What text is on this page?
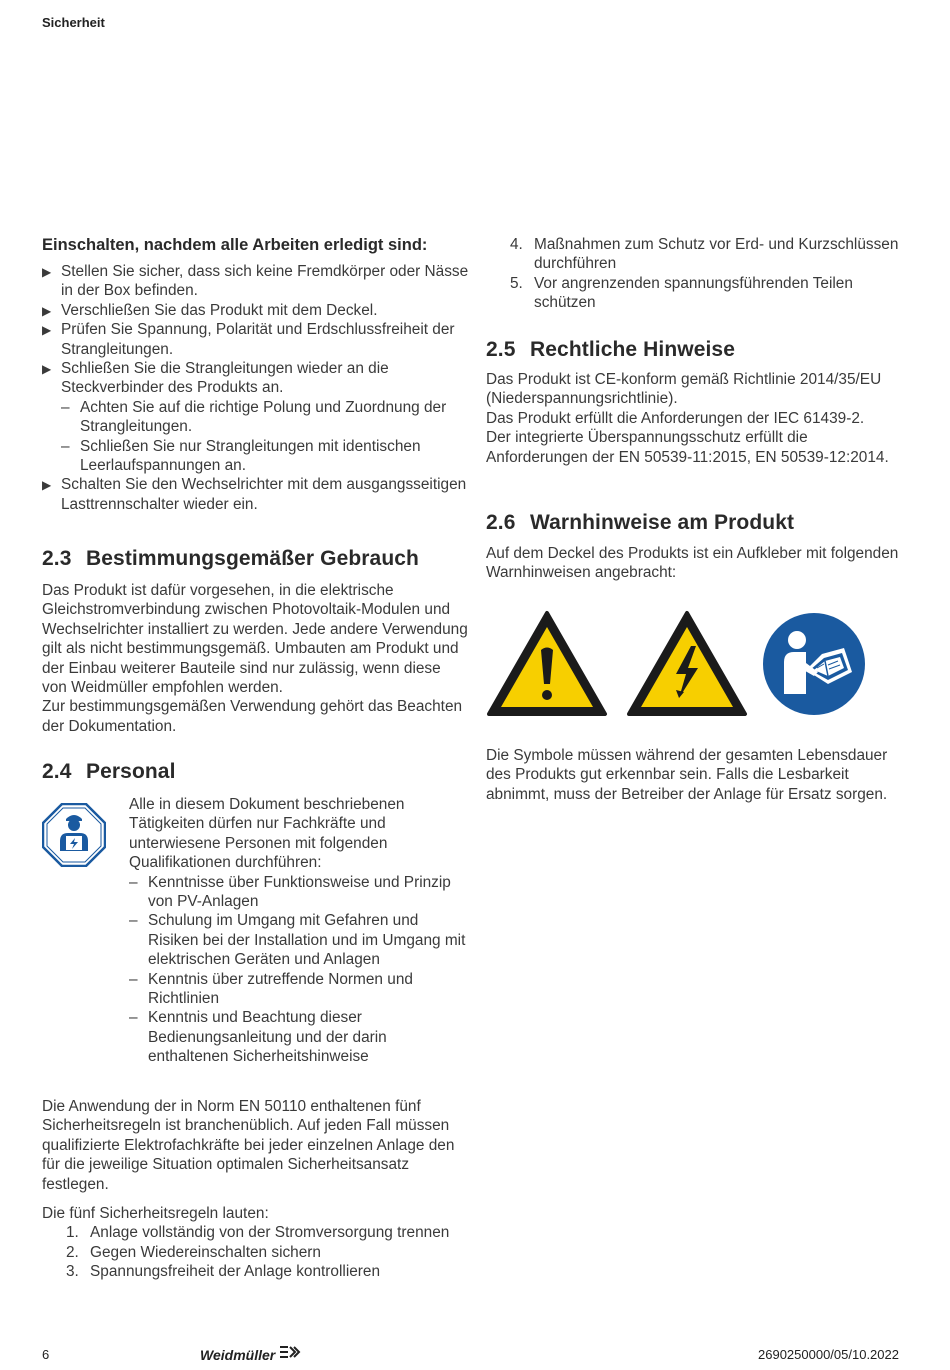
Sicherheit
Einschalten, nachdem alle Arbeiten erledigt sind:
▶ Stellen Sie sicher, dass sich keine Fremdkörper oder Nässe in der Box befinden.
▶ Verschließen Sie das Produkt mit dem Deckel.
▶ Prüfen Sie Spannung, Polarität und Erdschlussfreiheit der Strangleitungen.
▶ Schließen Sie die Strangleitungen wieder an die Steckverbinder des Produkts an.
– Achten Sie auf die richtige Polung und Zuordnung der Strangleitungen.
– Schließen Sie nur Strangleitungen mit identischen Leerlaufspannungen an.
▶ Schalten Sie den Wechselrichter mit dem ausgangsseitigen Lasttrennschalter wieder ein.
2.3 Bestimmungsgemäßer Gebrauch

Das Produkt ist dafür vorgesehen, in die elektrische Gleichstromverbindung zwischen Photovoltaik-Modulen und Wechselrichter installiert zu werden. Jede andere Verwendung gilt als nicht bestimmungsgemäß. Umbauten am Produkt und der Einbau weiterer Bauteile sind nur zulässig, wenn diese von Weidmüller empfohlen werden.

Zur bestimmungsgemäßen Verwendung gehört das Beachten der Dokumentation.

2.4 Personal

Alle in diesem Dokument beschriebenen Tätigkeiten dürfen nur Fachkräfte und unterwiesene Personen mit folgenden Qualifikationen durchführen:

– Kenntnisse über Funktionsweise und Prinzip von PV-Anlagen
– Schulung im Umgang mit Gefahren und Risiken bei der Installation und im Umgang mit elektrischen Geräten und Anlagen
– Kenntnis über zutreffende Normen und Richtlinien
– Kenntnis und Beachtung dieser Bedienungsanleitung und der darin enthaltenen Sicherheitshinweise

Die Anwendung der in Norm EN 50110 enthaltenen fünf Sicherheitsregeln ist branchenüblich. Auf jeden Fall müssen qualifizierte Elektrofachkräfte bei jeder einzelnen Anlage den für die jeweilige Situation optimalen Sicherheitsansatz festlegen.

Die fünf Sicherheitsregeln lauten:

1. Anlage vollständig von der Stromversorgung trennen
2. Gegen Wiedereinschalten sichern
3. Spannungsfreiheit der Anlage kontrollieren
4. Maßnahmen zum Schutz vor Erd- und Kurzschlüssen durchführen
5. Vor angrenzenden spannungsführenden Teilen schützen
2.5 Rechtliche Hinweise

Das Produkt ist CE-konform gemäß Richtlinie 2014/35/EU (Niederspannungsrichtlinie).

Das Produkt erfüllt die Anforderungen der IEC 61439-2.

Der integrierte Überspannungsschutz erfüllt die Anforderungen der EN 50539-11:2015, EN 50539-12:2014.

2.6 Warnhinweise am Produkt

Auf dem Deckel des Produkts ist ein Aufkleber mit folgenden Warnhinweisen angebracht:

Die Symbole müssen während der gesamten Lebensdauer des Produkts gut erkennbar sein. Falls die Lesbarkeit abnimmt, muss der Betreiber der Anlage für Ersatz sorgen.

6	Weidmüller	2690250000/05/10.2022
